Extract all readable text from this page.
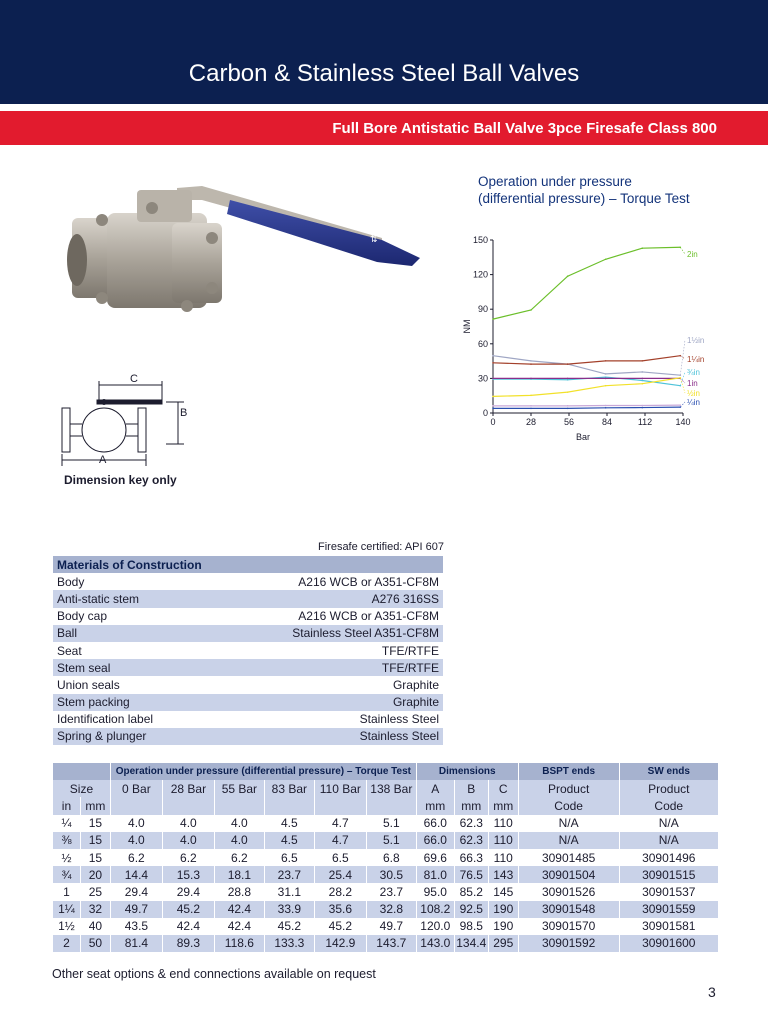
Carbon & Stainless Steel Ball Valves
Full Bore Antistatic Ball Valve 3pce Firesafe Class 800
⇅
C
B
A
Dimension key only
Operation under pressure
(differential pressure) – Torque Test
0
30
60
90
120
150
0	28	56	84	112	140
Bar
NM
2in
1½in
1¼in
¾in
1in
½in
¼in
Firesafe certified: API 607
Materials of Construction	
Body	A216 WCB or A351-CF8M
Anti-static stem	A276 316SS
Body cap	A216 WCB or A351-CF8M
Ball	Stainless Steel A351-CF8M
Seat	TFE/RTFE
Stem seal	TFE/RTFE
Union seals	Graphite
Stem packing	Graphite
Identification label	Stainless Steel
Spring & plunger	Stainless Steel
		Operation under pressure (differential pressure) – Torque Test						Dimensions			BSPT ends	SW ends
Size		0 Bar	28 Bar	55 Bar	83 Bar	110 Bar	138 Bar	A	B	C	Product	Product
in	mm							mm	mm	mm	Code	Code
¼	15	4.0	4.0	4.0	4.5	4.7	5.1	66.0	62.3	110	N/A	N/A
⅜	15	4.0	4.0	4.0	4.5	4.7	5.1	66.0	62.3	110	N/A	N/A
½	15	6.2	6.2	6.2	6.5	6.5	6.8	69.6	66.3	110	30901485	30901496
¾	20	14.4	15.3	18.1	23.7	25.4	30.5	81.0	76.5	143	30901504	30901515
1	25	29.4	29.4	28.8	31.1	28.2	23.7	95.0	85.2	145	30901526	30901537
1¼	32	49.7	45.2	42.4	33.9	35.6	32.8	108.2	92.5	190	30901548	30901559
1½	40	43.5	42.4	42.4	45.2	45.2	49.7	120.0	98.5	190	30901570	30901581
2	50	81.4	89.3	118.6	133.3	142.9	143.7	143.0	134.4	295	30901592	30901600
Other seat options & end connections available on request
3
